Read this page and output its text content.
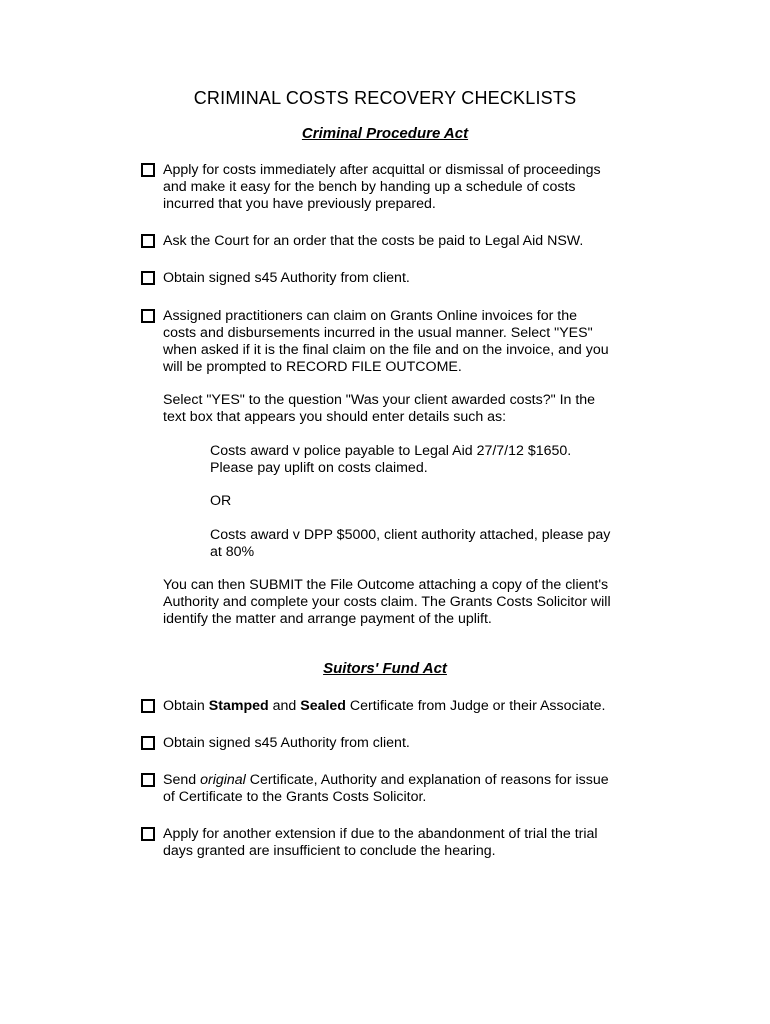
CRIMINAL COSTS RECOVERY CHECKLISTS
Criminal Procedure Act
Apply for costs immediately after acquittal or dismissal of proceedings
and make it easy for the bench by handing up a schedule of costs
incurred that you have previously prepared.
Ask the Court for an order that the costs be paid to Legal Aid NSW.
Obtain signed s45 Authority from client.
Assigned practitioners can claim on Grants Online invoices for the
costs and disbursements incurred in the usual manner. Select "YES"
when asked if it is the final claim on the file and on the invoice, and you
will be prompted to RECORD FILE OUTCOME.
Select "YES" to the question "Was your client awarded costs?" In the
text box that appears you should enter details such as:
Costs award v police payable to Legal Aid 27/7/12 $1650.
Please pay uplift on costs claimed.
OR
Costs award v DPP $5000, client authority attached, please pay
at 80%
You can then SUBMIT the File Outcome attaching a copy of the client's
Authority and complete your costs claim. The Grants Costs Solicitor will
identify the matter and arrange payment of the uplift.
Suitors' Fund Act
Obtain Stamped and Sealed Certificate from Judge or their Associate.
Obtain signed s45 Authority from client.
Send original Certificate, Authority and explanation of reasons for issue
of Certificate to the Grants Costs Solicitor.
Apply for another extension if due to the abandonment of trial the trial
days granted are insufficient to conclude the hearing.
